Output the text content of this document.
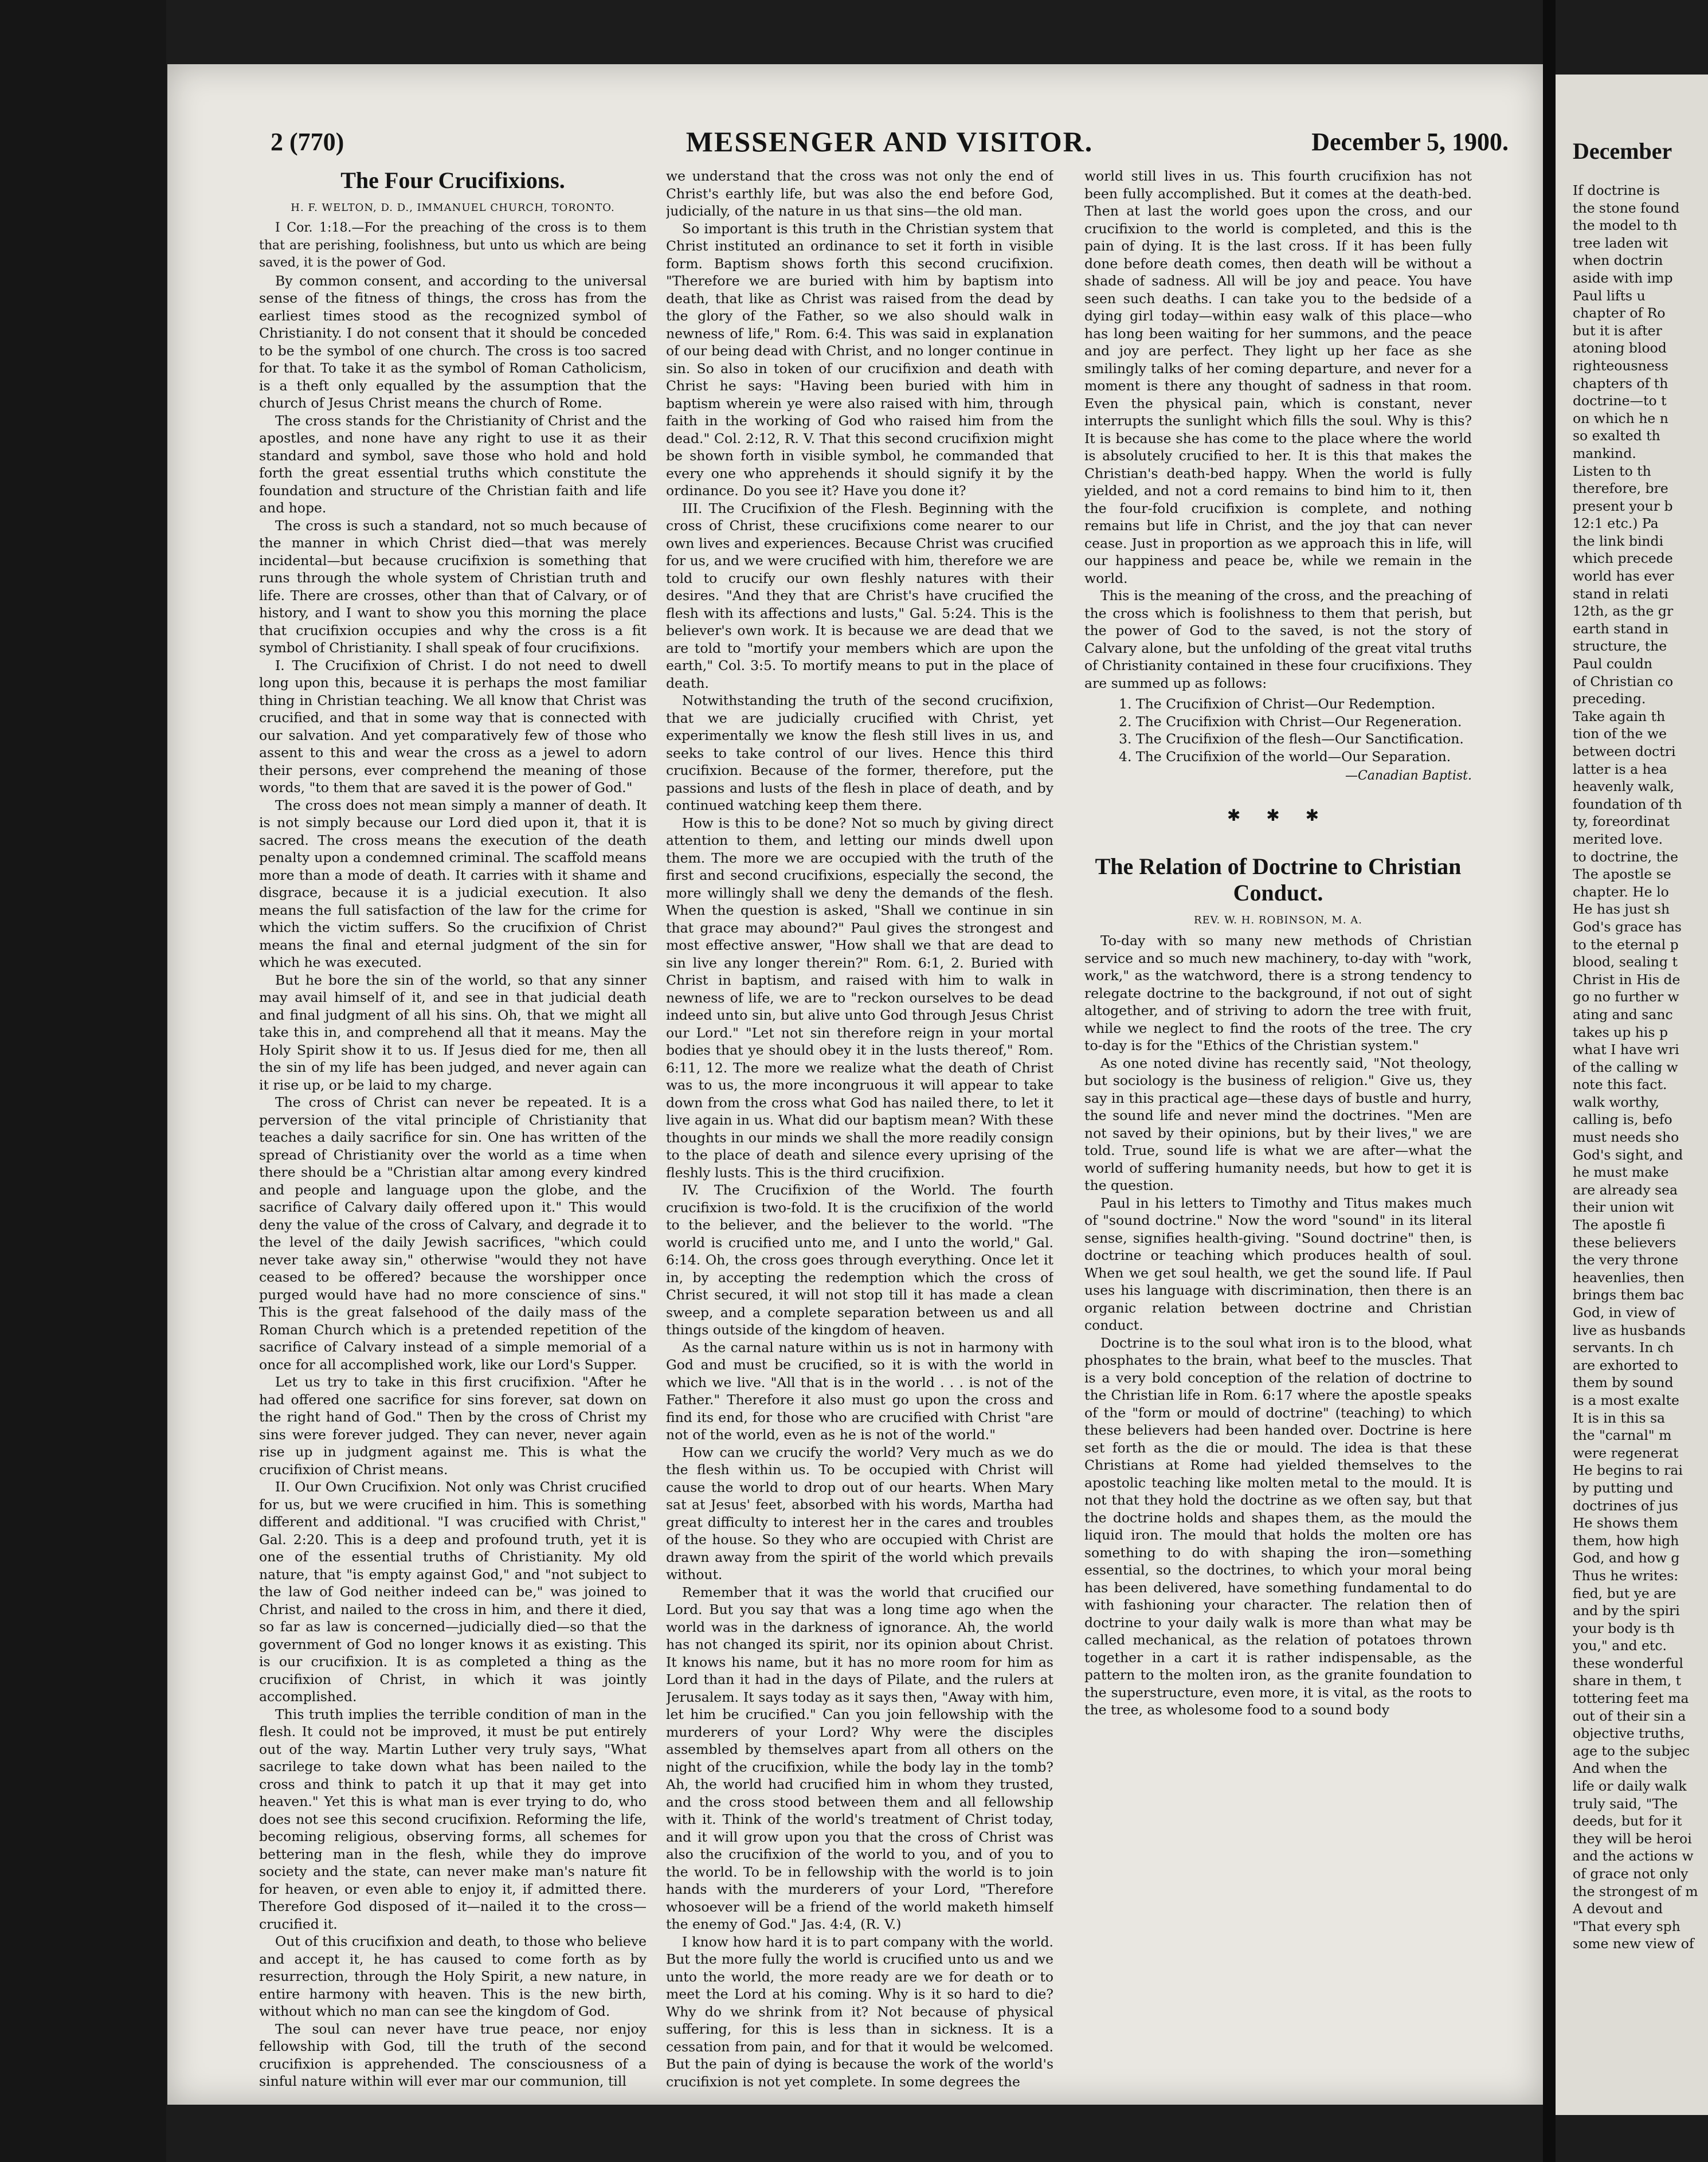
2 (770)	MESSENGER AND VISITOR.	December 5, 1900.
The Four Crucifixions.
H. F. WELTON, D. D., IMMANUEL CHURCH, TORONTO.

I Cor. 1:18.—For the preaching of the cross is to them that are perishing, foolishness, but unto us which are being saved, it is the power of God.

By common consent, and according to the universal sense of the fitness of things, the cross has from the earliest times stood as the recognized symbol of Christianity. I do not consent that it should be conceded to be the symbol of one church. The cross is too sacred for that. To take it as the symbol of Roman Catholicism, is a theft only equalled by the assumption that the church of Jesus Christ means the church of Rome.

The cross stands for the Christianity of Christ and the apostles, and none have any right to use it as their standard and symbol, save those who hold and hold forth the great essential truths which constitute the foundation and structure of the Christian faith and life and hope.

The cross is such a standard, not so much because of the manner in which Christ died—that was merely incidental—but because crucifixion is something that runs through the whole system of Christian truth and life. There are crosses, other than that of Calvary, or of history, and I want to show you this morning the place that crucifixion occupies and why the cross is a fit symbol of Christianity. I shall speak of four crucifixions.

I. The Crucifixion of Christ. I do not need to dwell long upon this, because it is perhaps the most familiar thing in Christian teaching. We all know that Christ was crucified, and that in some way that is connected with our salvation. And yet comparatively few of those who assent to this and wear the cross as a jewel to adorn their persons, ever comprehend the meaning of those words, "to them that are saved it is the power of God."

The cross does not mean simply a manner of death. It is not simply because our Lord died upon it, that it is sacred. The cross means the execution of the death penalty upon a condemned criminal. The scaffold means more than a mode of death. It carries with it shame and disgrace, because it is a judicial execution. It also means the full satisfaction of the law for the crime for which the victim suffers. So the crucifixion of Christ means the final and eternal judgment of the sin for which he was executed.

But he bore the sin of the world, so that any sinner may avail himself of it, and see in that judicial death and final judgment of all his sins. Oh, that we might all take this in, and comprehend all that it means. May the Holy Spirit show it to us. If Jesus died for me, then all the sin of my life has been judged, and never again can it rise up, or be laid to my charge.

The cross of Christ can never be repeated. It is a perversion of the vital principle of Christianity that teaches a daily sacrifice for sin. One has written of the spread of Christianity over the world as a time when there should be a "Christian altar among every kindred and people and language upon the globe, and the sacrifice of Calvary daily offered upon it." This would deny the value of the cross of Calvary, and degrade it to the level of the daily Jewish sacrifices, "which could never take away sin," otherwise "would they not have ceased to be offered? because the worshipper once purged would have had no more conscience of sins." This is the great falsehood of the daily mass of the Roman Church which is a pretended repetition of the sacrifice of Calvary instead of a simple memorial of a once for all accomplished work, like our Lord's Supper.

Let us try to take in this first crucifixion. "After he had offered one sacrifice for sins forever, sat down on the right hand of God." Then by the cross of Christ my sins were forever judged. They can never, never again rise up in judgment against me. This is what the crucifixion of Christ means.

II. Our Own Crucifixion. Not only was Christ crucified for us, but we were crucified in him. This is something different and additional. "I was crucified with Christ," Gal. 2:20. This is a deep and profound truth, yet it is one of the essential truths of Christianity. My old nature, that "is empty against God," and "not subject to the law of God neither indeed can be," was joined to Christ, and nailed to the cross in him, and there it died, so far as law is concerned—judicially died—so that the government of God no longer knows it as existing. This is our crucifixion. It is as completed a thing as the crucifixion of Christ, in which it was jointly accomplished.

This truth implies the terrible condition of man in the flesh. It could not be improved, it must be put entirely out of the way. Martin Luther very truly says, "What sacrilege to take down what has been nailed to the cross and think to patch it up that it may get into heaven." Yet this is what man is ever trying to do, who does not see this second crucifixion. Reforming the life, becoming religious, observing forms, all schemes for bettering man in the flesh, while they do improve society and the state, can never make man's nature fit for heaven, or even able to enjoy it, if admitted there. Therefore God disposed of it—nailed it to the cross—crucified it.

Out of this crucifixion and death, to those who believe and accept it, he has caused to come forth as by resurrection, through the Holy Spirit, a new nature, in entire harmony with heaven. This is the new birth, without which no man can see the kingdom of God.

The soul can never have true peace, nor enjoy fellowship with God, till the truth of the second crucifixion is apprehended. The consciousness of a sinful nature within will ever mar our communion, till

we understand that the cross was not only the end of Christ's earthly life, but was also the end before God, judicially, of the nature in us that sins—the old man.

So important is this truth in the Christian system that Christ instituted an ordinance to set it forth in visible form. Baptism shows forth this second crucifixion. "Therefore we are buried with him by baptism into death, that like as Christ was raised from the dead by the glory of the Father, so we also should walk in newness of life," Rom. 6:4. This was said in explanation of our being dead with Christ, and no longer continue in sin. So also in token of our crucifixion and death with Christ he says: "Having been buried with him in baptism wherein ye were also raised with him, through faith in the working of God who raised him from the dead." Col. 2:12, R. V. That this second crucifixion might be shown forth in visible symbol, he commanded that every one who apprehends it should signify it by the ordinance. Do you see it? Have you done it?

III. The Crucifixion of the Flesh. Beginning with the cross of Christ, these crucifixions come nearer to our own lives and experiences. Because Christ was crucified for us, and we were crucified with him, therefore we are told to crucify our own fleshly natures with their desires. "And they that are Christ's have crucified the flesh with its affections and lusts," Gal. 5:24. This is the believer's own work. It is because we are dead that we are told to "mortify your members which are upon the earth," Col. 3:5. To mortify means to put in the place of death.

Notwithstanding the truth of the second crucifixion, that we are judicially crucified with Christ, yet experimentally we know the flesh still lives in us, and seeks to take control of our lives. Hence this third crucifixion. Because of the former, therefore, put the passions and lusts of the flesh in place of death, and by continued watching keep them there.

How is this to be done? Not so much by giving direct attention to them, and letting our minds dwell upon them. The more we are occupied with the truth of the first and second crucifixions, especially the second, the more willingly shall we deny the demands of the flesh. When the question is asked, "Shall we continue in sin that grace may abound?" Paul gives the strongest and most effective answer, "How shall we that are dead to sin live any longer therein?" Rom. 6:1, 2. Buried with Christ in baptism, and raised with him to walk in newness of life, we are to "reckon ourselves to be dead indeed unto sin, but alive unto God through Jesus Christ our Lord." "Let not sin therefore reign in your mortal bodies that ye should obey it in the lusts thereof," Rom. 6:11, 12. The more we realize what the death of Christ was to us, the more incongruous it will appear to take down from the cross what God has nailed there, to let it live again in us. What did our baptism mean? With these thoughts in our minds we shall the more readily consign to the place of death and silence every uprising of the fleshly lusts. This is the third crucifixion.

IV. The Crucifixion of the World. The fourth crucifixion is two-fold. It is the crucifixion of the world to the believer, and the believer to the world. "The world is crucified unto me, and I unto the world," Gal. 6:14. Oh, the cross goes through everything. Once let it in, by accepting the redemption which the cross of Christ secured, it will not stop till it has made a clean sweep, and a complete separation between us and all things outside of the kingdom of heaven.

As the carnal nature within us is not in harmony with God and must be crucified, so it is with the world in which we live. "All that is in the world . . . is not of the Father." Therefore it also must go upon the cross and find its end, for those who are crucified with Christ "are not of the world, even as he is not of the world."

How can we crucify the world? Very much as we do the flesh within us. To be occupied with Christ will cause the world to drop out of our hearts. When Mary sat at Jesus' feet, absorbed with his words, Martha had great difficulty to interest her in the cares and troubles of the house. So they who are occupied with Christ are drawn away from the spirit of the world which prevails without.

Remember that it was the world that crucified our Lord. But you say that was a long time ago when the world was in the darkness of ignorance. Ah, the world has not changed its spirit, nor its opinion about Christ. It knows his name, but it has no more room for him as Lord than it had in the days of Pilate, and the rulers at Jerusalem. It says today as it says then, "Away with him, let him be crucified." Can you join fellowship with the murderers of your Lord? Why were the disciples assembled by themselves apart from all others on the night of the crucifixion, while the body lay in the tomb? Ah, the world had crucified him in whom they trusted, and the cross stood between them and all fellowship with it. Think of the world's treatment of Christ today, and it will grow upon you that the cross of Christ was also the crucifixion of the world to you, and of you to the world. To be in fellowship with the world is to join hands with the murderers of your Lord, "Therefore whosoever will be a friend of the world maketh himself the enemy of God." Jas. 4:4, (R. V.)

I know how hard it is to part company with the world. But the more fully the world is crucified unto us and we unto the world, the more ready are we for death or to meet the Lord at his coming. Why is it so hard to die? Why do we shrink from it? Not because of physical suffering, for this is less than in sickness. It is a cessation from pain, and for that it would be welcomed. But the pain of dying is because the work of the world's crucifixion is not yet complete. In some degrees the

world still lives in us. This fourth crucifixion has not been fully accomplished. But it comes at the death-bed. Then at last the world goes upon the cross, and our crucifixion to the world is completed, and this is the pain of dying. It is the last cross. If it has been fully done before death comes, then death will be without a shade of sadness. All will be joy and peace. You have seen such deaths. I can take you to the bedside of a dying girl today—within easy walk of this place—who has long been waiting for her summons, and the peace and joy are perfect. They light up her face as she smilingly talks of her coming departure, and never for a moment is there any thought of sadness in that room. Even the physical pain, which is constant, never interrupts the sunlight which fills the soul. Why is this? It is because she has come to the place where the world is absolutely crucified to her. It is this that makes the Christian's death-bed happy. When the world is fully yielded, and not a cord remains to bind him to it, then the four-fold crucifixion is complete, and nothing remains but life in Christ, and the joy that can never cease. Just in proportion as we approach this in life, will our happiness and peace be, while we remain in the world.

This is the meaning of the cross, and the preaching of the cross which is foolishness to them that perish, but the power of God to the saved, is not the story of Calvary alone, but the unfolding of the great vital truths of Christianity contained in these four crucifixions. They are summed up as follows:

1. The Crucifixion of Christ—Our Redemption.
2. The Crucifixion with Christ—Our Regeneration.
3. The Crucifixion of the flesh—Our Sanctification.
4. The Crucifixion of the world—Our Separation.
—Canadian Baptist.
✱ ✱ ✱
The Relation of Doctrine to Christian Conduct.
REV. W. H. ROBINSON, M. A.

To-day with so many new methods of Christian service and so much new machinery, to-day with "work, work," as the watchword, there is a strong tendency to relegate doctrine to the background, if not out of sight altogether, and of striving to adorn the tree with fruit, while we neglect to find the roots of the tree. The cry to-day is for the "Ethics of the Christian system."

As one noted divine has recently said, "Not theology, but sociology is the business of religion." Give us, they say in this practical age—these days of bustle and hurry, the sound life and never mind the doctrines. "Men are not saved by their opinions, but by their lives," we are told. True, sound life is what we are after—what the world of suffering humanity needs, but how to get it is the question.

Paul in his letters to Timothy and Titus makes much of "sound doctrine." Now the word "sound" in its literal sense, signifies health-giving. "Sound doctrine" then, is doctrine or teaching which produces health of soul. When we get soul health, we get the sound life. If Paul uses his language with discrimination, then there is an organic relation between doctrine and Christian conduct.

Doctrine is to the soul what iron is to the blood, what phosphates to the brain, what beef to the muscles. That is a very bold conception of the relation of doctrine to the Christian life in Rom. 6:17 where the apostle speaks of the "form or mould of doctrine" (teaching) to which these believers had been handed over. Doctrine is here set forth as the die or mould. The idea is that these Christians at Rome had yielded themselves to the apostolic teaching like molten metal to the mould. It is not that they hold the doctrine as we often say, but that the doctrine holds and shapes them, as the mould the liquid iron. The mould that holds the molten ore has something to do with shaping the iron—something essential, so the doctrines, to which your moral being has been delivered, have something fundamental to do with fashioning your character. The relation then of doctrine to your daily walk is more than what may be called mechanical, as the relation of potatoes thrown together in a cart it is rather indispensable, as the pattern to the molten iron, as the granite foundation to the superstructure, even more, it is vital, as the roots to the tree, as wholesome food to a sound body

December
If doctrine is
the stone found
the model to th
tree laden wit
when doctrin
aside with imp
Paul lifts u
chapter of Ro
but it is after
atoning blood
righteousness
chapters of th
doctrine—to t
on which he n
so exalted th
mankind.
Listen to th
therefore, bre
present your b
12:1 etc.) Pa
the link bindi
which precede
world has ever
stand in relati
12th, as the gr
earth stand in
structure, the
Paul couldn
of Christian co
preceding.
Take again th
tion of the we
between doctri
latter is a hea
heavenly walk,
foundation of th
ty, foreordinat
merited love.
to doctrine, the
The apostle se
chapter. He lo
He has just sh
God's grace has
to the eternal p
blood, sealing t
Christ in His de
go no further w
ating and sanc
takes up his p
what I have wri
of the calling w
note this fact.
walk worthy,
calling is, befo
must needs sho
God's sight, and
he must make
are already sea
their union wit
The apostle fi
these believers
the very throne
heavenlies, then
brings them bac
God, in view of
live as husbands
servants. In ch
are exhorted to
them by sound
is a most exalte
It is in this sa
the "carnal" m
were regenerat
He begins to rai
by putting und
doctrines of jus
He shows them
them, how high
God, and how g
Thus he writes:
fied, but ye are
and by the spiri
your body is th
you," and etc.
these wonderful
share in them, t
tottering feet ma
out of their sin a
objective truths,
age to the subjec
And when the
life or daily walk
truly said, "The
deeds, but for it
they will be heroi
and the actions w
of grace not only
the strongest of m
A devout and
"That every sph
some new view of
